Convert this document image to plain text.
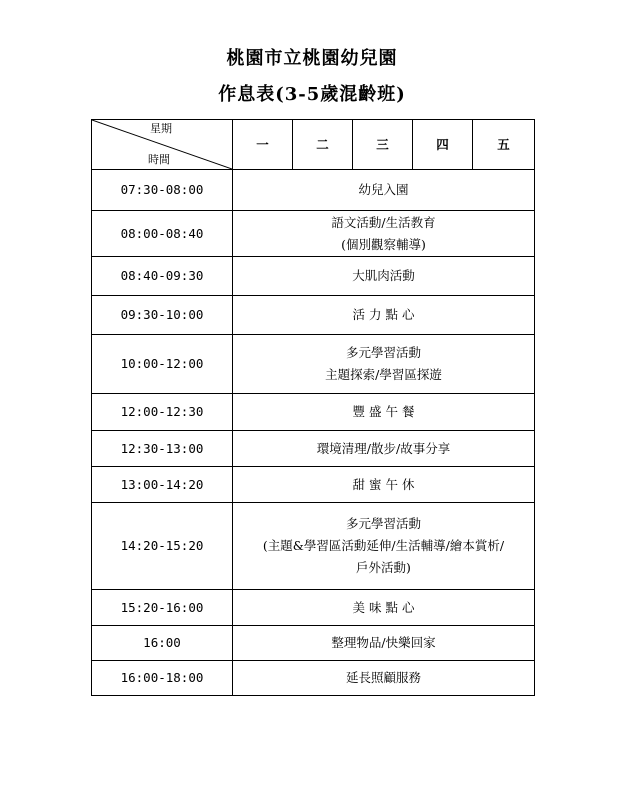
桃園市立桃園幼兒園
作息表(3-5歲混齡班)
星期
時間	一	二	三	四	五
07:30-08:00	幼兒入園				

08:00-08:40	語文活動/生活教育
(個別觀察輔導)				

08:40-09:30	大肌肉活動				

09:30-10:00	活 力 點 心				

10:00-12:00	多元學習活動
主題探索/學習區探遊				

12:00-12:30	豐 盛 午 餐				

12:30-13:00	環境清理/散步/故事分享				

13:00-14:20	甜 蜜 午 休				

14:20-15:20	多元學習活動
(主題&學習區活動延伸/生活輔導/繪本賞析/
戶外活動)				

15:20-16:00	美 味 點 心				

16:00	整理物品/快樂回家				

16:00-18:00	延長照顧服務				
